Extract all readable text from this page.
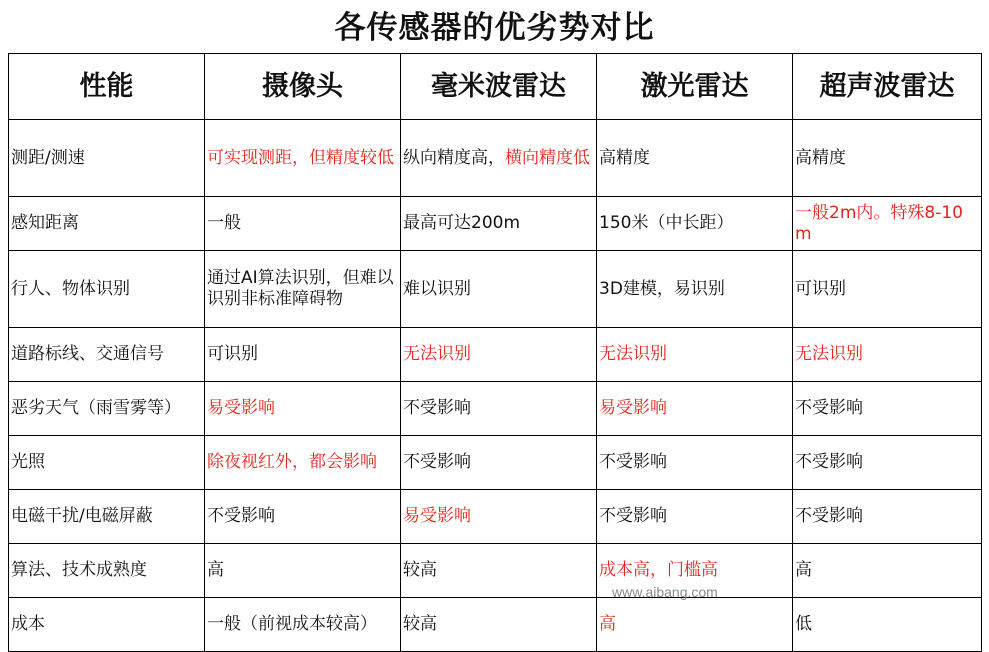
各传感器的优劣势对比
性能	摄像头	毫米波雷达	激光雷达	超声波雷达
测距/测速	可实现测距，但精度较低	纵向精度高，横向精度低	高精度	高精度
感知距离	一般	最高可达200m	150米（中长距）	一般2m内。特殊8-10m
行人、物体识别	通过AI算法识别，但难以识别非标准障碍物	难以识别	3D建模，易识别	可识别
道路标线、交通信号	可识别	无法识别	无法识别	无法识别
恶劣天气（雨雪雾等）	易受影响	不受影响	易受影响	不受影响
光照	除夜视红外，都会影响	不受影响	不受影响	不受影响
电磁干扰/电磁屏蔽	不受影响	易受影响	不受影响	不受影响
算法、技术成熟度	高	较高	成本高，门槛高	高
成本	一般（前视成本较高）	较高	高	低
www.aibang.com
